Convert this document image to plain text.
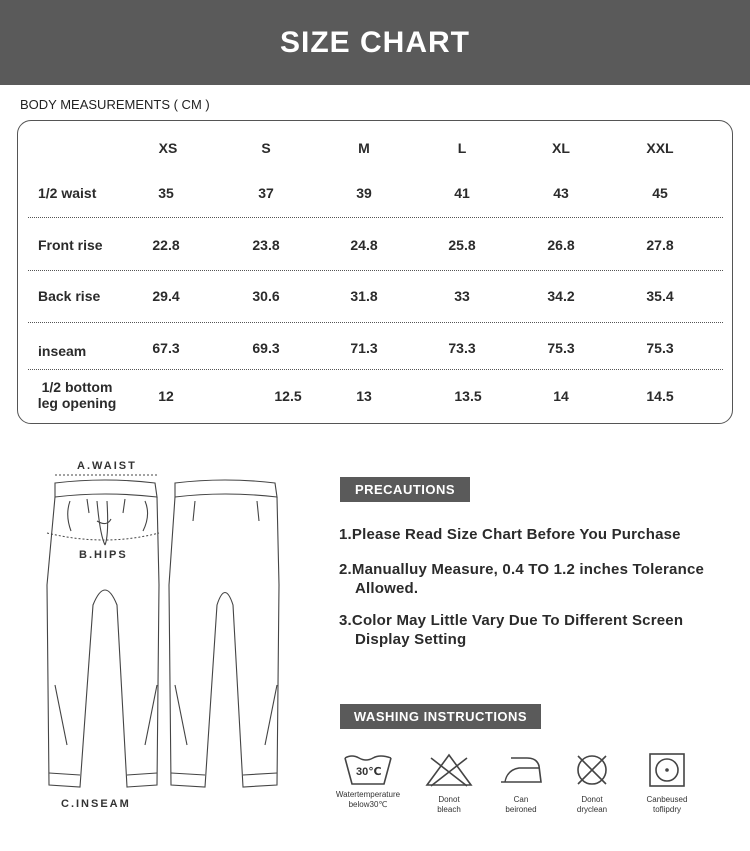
SIZE CHART
BODY MEASUREMENTS ( CM )
XS	S	M	L	XL	XXL
1/2 waist	35	37	39	41	43	45
Front rise	22.8	23.8	24.8	25.8	26.8	27.8
Back rise	29.4	30.6	31.8	33	34.2	35.4
inseam	67.3	69.3	71.3	73.3	75.3	75.3
1/2 bottom
leg opening	12	12.5	13	13.5	14	14.5
A.WAIST
B.HIPS
C.INSEAM
PRECAUTIONS
1.Please Read Size Chart Before You Purchase
2.Manualluy Measure, 0.4 TO 1.2 inches Tolerance
Allowed.
3.Color May Little Vary Due To Different Screen
Display Setting
WASHING INSTRUCTIONS
30℃
Watertemperature
below30℃
Donot
bleach
Can
beironed
Donot
dryclean
Canbeused
toflipdry
